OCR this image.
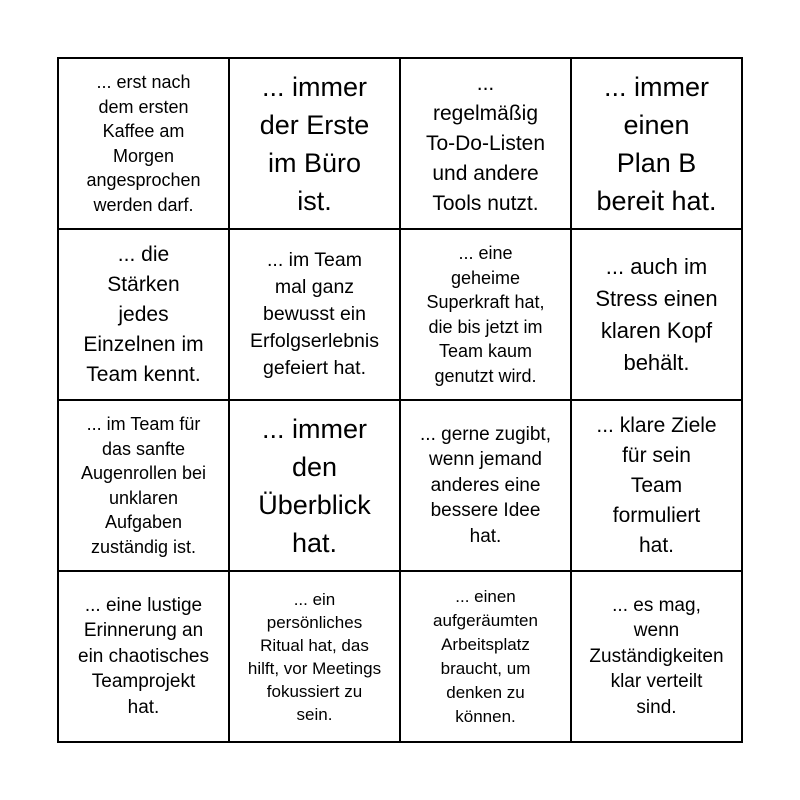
... erst nach
dem ersten
Kaffee am
Morgen
angesprochen
werden darf.
... immer
der Erste
im Büro
ist.
...
regelmäßig
To-Do-Listen
und andere
Tools nutzt.
... immer
einen
Plan B
bereit hat.
... die
Stärken
jedes
Einzelnen im
Team kennt.
... im Team
mal ganz
bewusst ein
Erfolgserlebnis
gefeiert hat.
... eine
geheime
Superkraft hat,
die bis jetzt im
Team kaum
genutzt wird.
... auch im
Stress einen
klaren Kopf
behält.
... im Team für
das sanfte
Augenrollen bei
unklaren
Aufgaben
zuständig ist.
... immer
den
Überblick
hat.
... gerne zugibt,
wenn jemand
anderes eine
bessere Idee
hat.
... klare Ziele
für sein
Team
formuliert
hat.
... eine lustige
Erinnerung an
ein chaotisches
Teamprojekt
hat.
... ein
persönliches
Ritual hat, das
hilft, vor Meetings
fokussiert zu
sein.
... einen
aufgeräumten
Arbeitsplatz
braucht, um
denken zu
können.
... es mag,
wenn
Zuständigkeiten
klar verteilt
sind.
